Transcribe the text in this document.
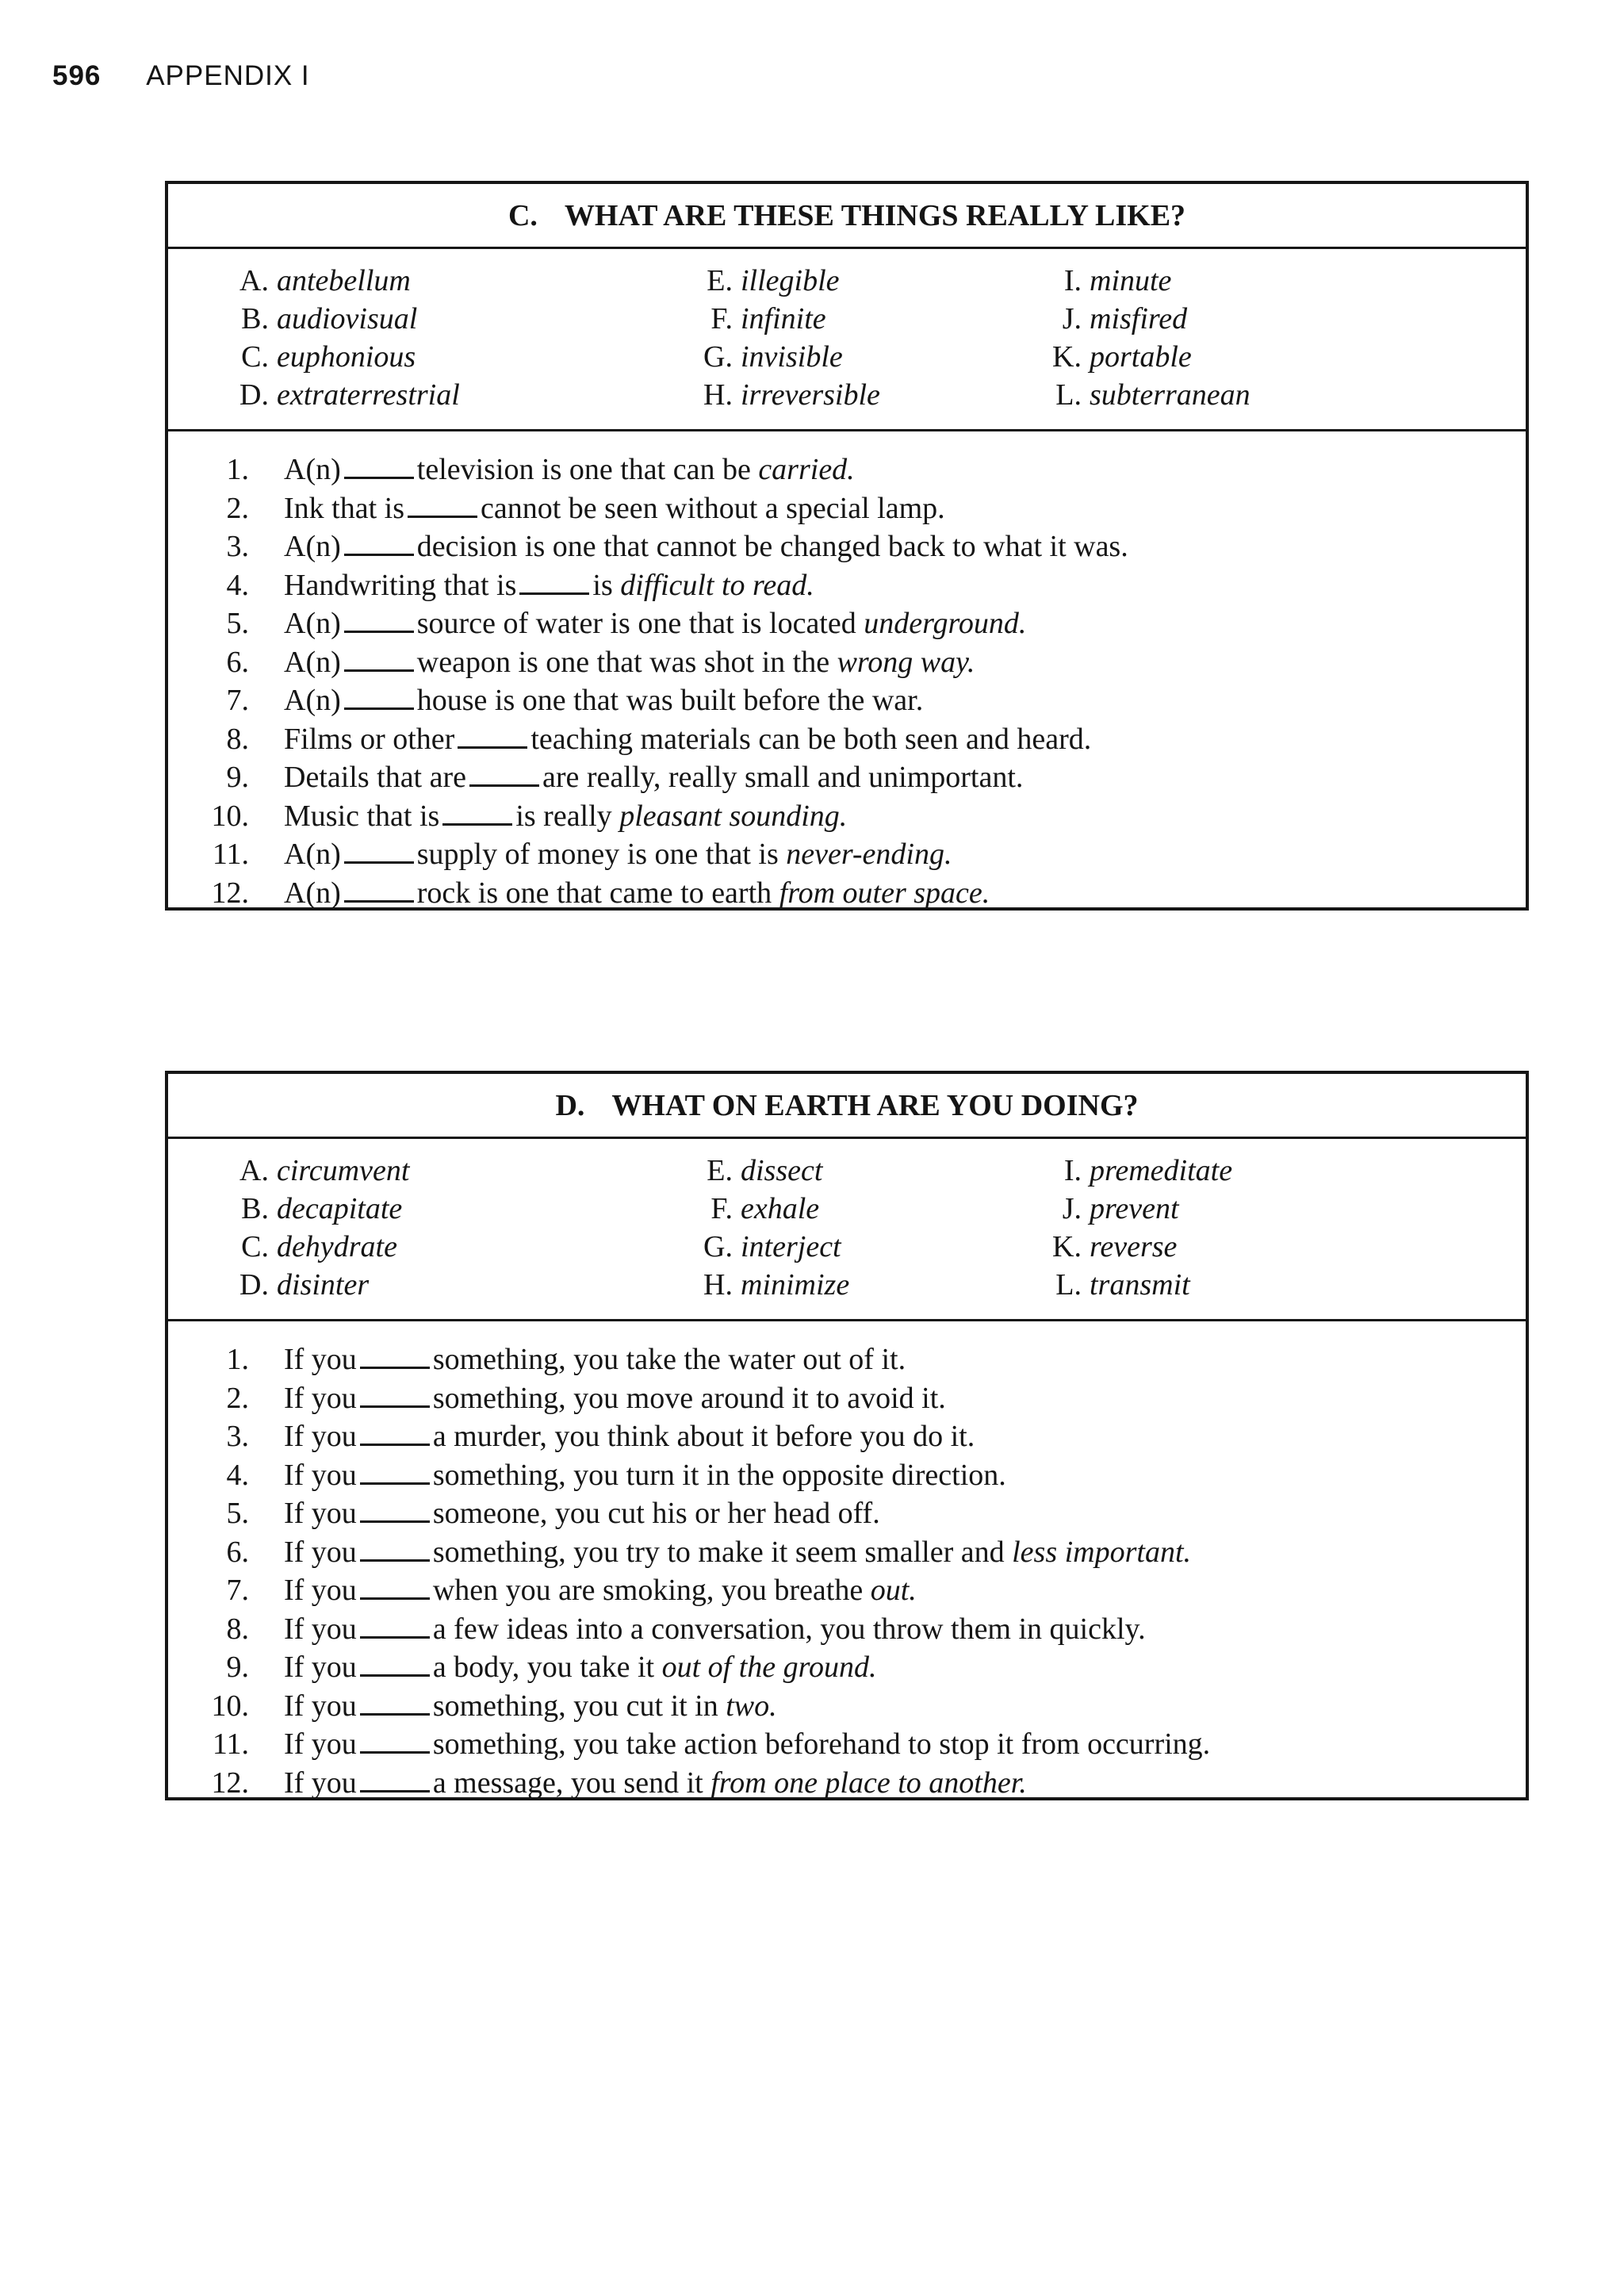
596 APPENDIX I
C. WHAT ARE THESE THINGS REALLY LIKE?
A. antebellum
B. audiovisual
C. euphonious
D. extraterrestrial
E. illegible
F. infinite
G. invisible
H. irreversible
I. minute
J. misfired
K. portable
L. subterranean
1. A(n)	television is one that can be carried.
2. Ink that is	cannot be seen without a special lamp.
3. A(n)	decision is one that cannot be changed back to what it was.
4. Handwriting that is	is difficult to read.
5. A(n)	source of water is one that is located underground.
6. A(n)	weapon is one that was shot in the wrong way.
7. A(n)	house is one that was built before the war.
8. Films or other	teaching materials can be both seen and heard.
9. Details that are	are really, really small and unimportant.
10. Music that is	is really pleasant sounding.
11. A(n)	supply of money is one that is never-ending.
12. A(n)	rock is one that came to earth from outer space.
D. WHAT ON EARTH ARE YOU DOING?
A. circumvent
B. decapitate
C. dehydrate
D. disinter
E. dissect
F. exhale
G. interject
H. minimize
I. premeditate
J. prevent
K. reverse
L. transmit
1. If you	something, you take the water out of it.
2. If you	something, you move around it to avoid it.
3. If you	a murder, you think about it before you do it.
4. If you	something, you turn it in the opposite direction.
5. If you	someone, you cut his or her head off.
6. If you	something, you try to make it seem smaller and less important.
7. If you	when you are smoking, you breathe out.
8. If you	a few ideas into a conversation, you throw them in quickly.
9. If you	a body, you take it out of the ground.
10. If you	something, you cut it in two.
11. If you	something, you take action beforehand to stop it from occurring.
12. If you	a message, you send it from one place to another.
